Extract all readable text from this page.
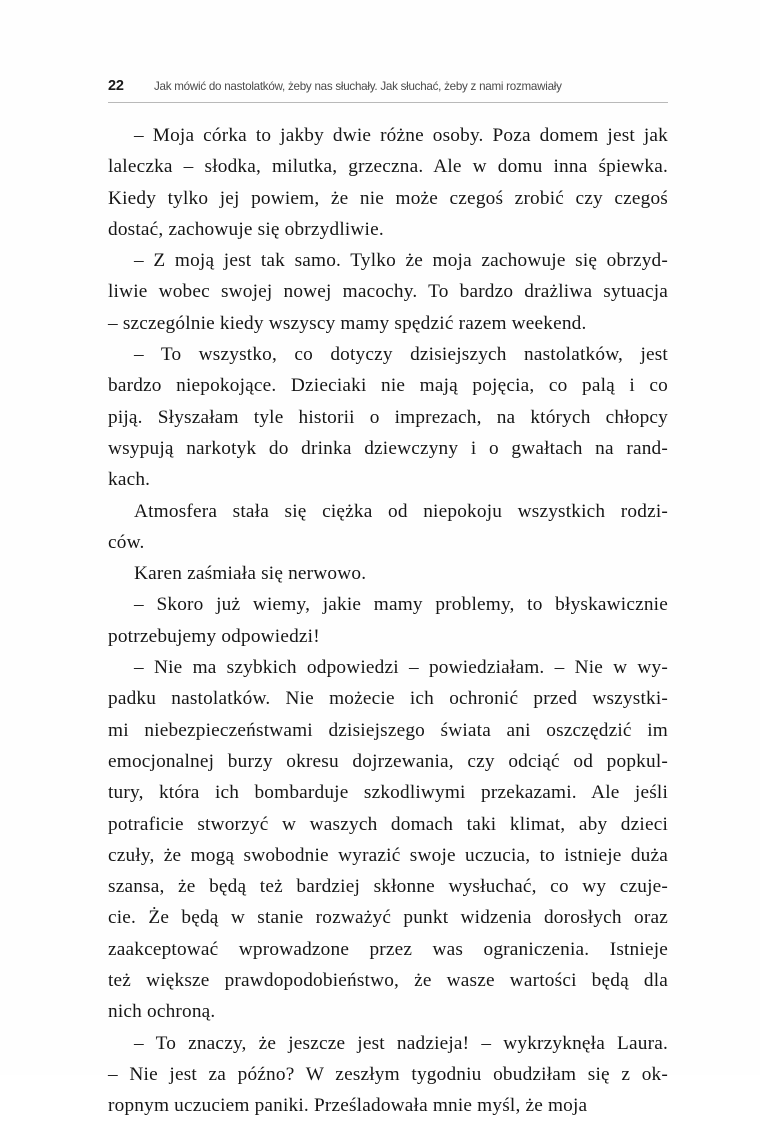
22	Jak mówić do nastolatków, żeby nas słuchały. Jak słuchać, żeby z nami rozmawiały

– Moja córka to jakby dwie różne osoby. Poza domem jest jak
laleczka – słodka, milutka, grzeczna. Ale w domu inna śpiewka.
Kiedy tylko jej powiem, że nie może czegoś zrobić czy czegoś
dostać, zachowuje się obrzydliwie.

– Z moją jest tak samo. Tylko że moja zachowuje się obrzyd-
liwie wobec swojej nowej macochy. To bardzo drażliwa sytuacja
– szczególnie kiedy wszyscy mamy spędzić razem weekend.

– To wszystko, co dotyczy dzisiejszych nastolatków, jest
bardzo niepokojące. Dzieciaki nie mają pojęcia, co palą i co
piją. Słyszałam tyle historii o imprezach, na których chłopcy
wsypują narkotyk do drinka dziewczyny i o gwałtach na rand-
kach.

Atmosfera stała się ciężka od niepokoju wszystkich rodzi-
ców.

Karen zaśmiała się nerwowo.

– Skoro już wiemy, jakie mamy problemy, to błyskawicznie
potrzebujemy odpowiedzi!

– Nie ma szybkich odpowiedzi – powiedziałam. – Nie w wy-
padku nastolatków. Nie możecie ich ochronić przed wszystki-
mi niebezpieczeństwami dzisiejszego świata ani oszczędzić im
emocjonalnej burzy okresu dojrzewania, czy odciąć od popkul-
tury, która ich bombarduje szkodliwymi przekazami. Ale jeśli
potraficie stworzyć w waszych domach taki klimat, aby dzieci
czuły, że mogą swobodnie wyrazić swoje uczucia, to istnieje duża
szansa, że będą też bardziej skłonne wysłuchać, co wy czuje-
cie. Że będą w stanie rozważyć punkt widzenia dorosłych oraz
zaakceptować wprowadzone przez was ograniczenia. Istnieje
też większe prawdopodobieństwo, że wasze wartości będą dla
nich ochroną.

– To znaczy, że jeszcze jest nadzieja! – wykrzyknęła Laura.
– Nie jest za późno? W zeszłym tygodniu obudziłam się z ok-
ropnym uczuciem paniki. Prześladowała mnie myśl, że moja
